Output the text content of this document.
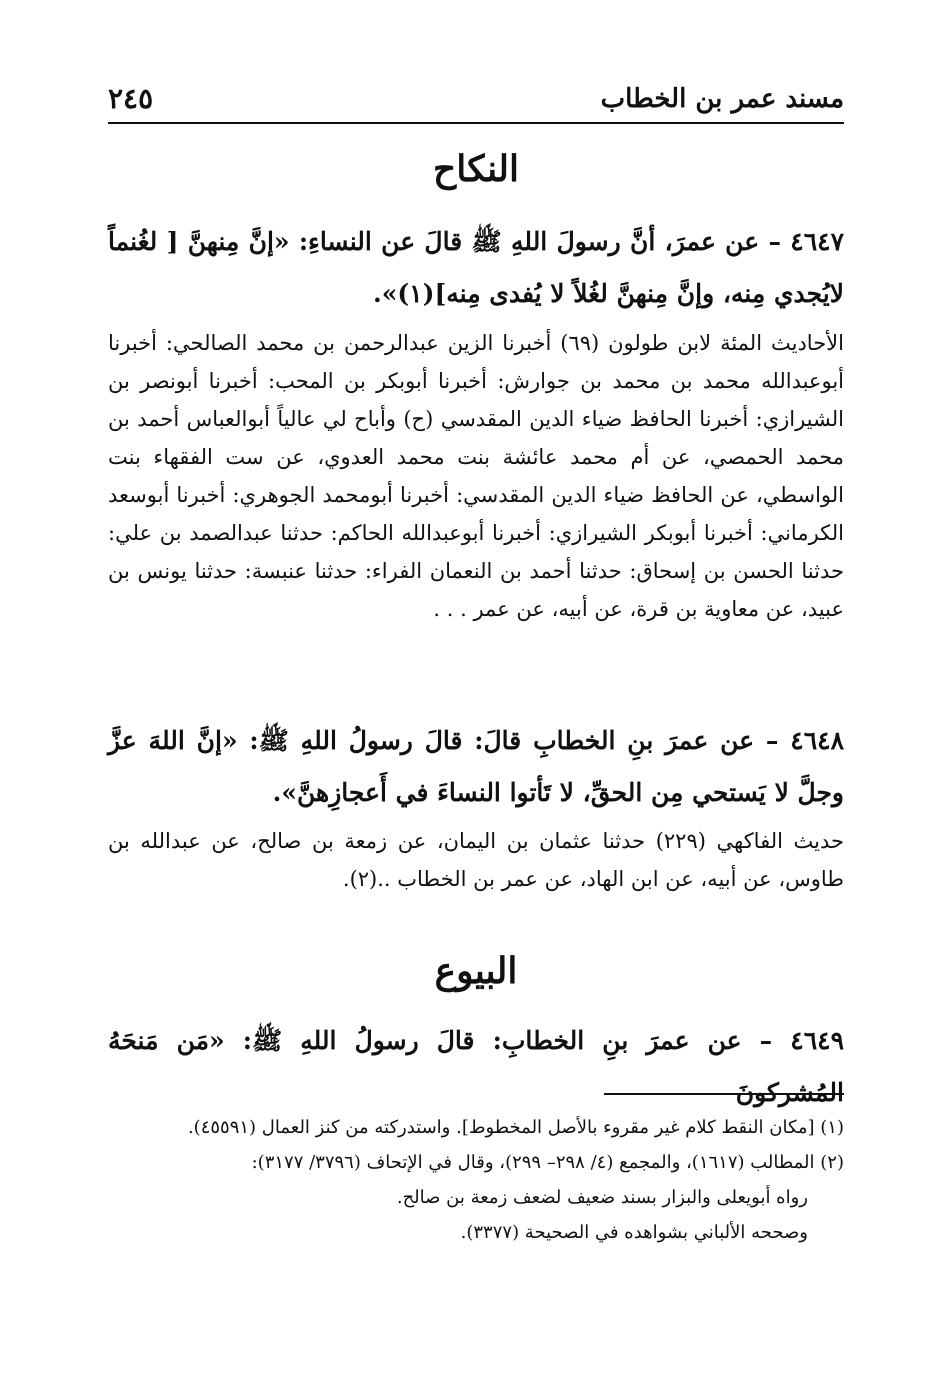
مسند عمر بن الخطاب
٢٤٥
النكاح
٤٦٤٧ – عن عمرَ، أنَّ رسولَ اللهِ ﷺ قالَ عن النساءِ: «إنَّ مِنهنَّ [ لغُنماً لايُجدي مِنه، وإنَّ مِنهنَّ لغُلاً لا يُفدى مِنه](١)».
الأحاديث المئة لابن طولون (٦٩) أخبرنا الزين عبدالرحمن بن محمد الصالحي: أخبرنا أبوعبدالله محمد بن محمد بن جوارش: أخبرنا أبوبكر بن المحب: أخبرنا أبونصر بن الشيرازي: أخبرنا الحافظ ضياء الدين المقدسي (ح) وأباح لي عالياً أبوالعباس أحمد بن محمد الحمصي، عن أم محمد عائشة بنت محمد العدوي، عن ست الفقهاء بنت الواسطي، عن الحافظ ضياء الدين المقدسي: أخبرنا أبومحمد الجوهري: أخبرنا أبوسعد الكرماني: أخبرنا أبوبكر الشيرازي: أخبرنا أبوعبدالله الحاكم: حدثنا عبدالصمد بن علي: حدثنا الحسن بن إسحاق: حدثنا أحمد بن النعمان الفراء: حدثنا عنبسة: حدثنا يونس بن عبيد، عن معاوية بن قرة، عن أبيه، عن عمر . . .
٤٦٤٨ – عن عمرَ بنِ الخطابِ قالَ: قالَ رسولُ اللهِ ﷺ: «إنَّ اللهَ عزَّ وجلَّ لا يَستحي مِن الحقِّ، لا تَأتوا النساءَ في أَعجازِهنَّ».
حديث الفاكهي (٢٢٩) حدثنا عثمان بن اليمان، عن زمعة بن صالح، عن عبدالله بن طاوس، عن أبيه، عن ابن الهاد، عن عمر بن الخطاب ..(٢).
البيوع
٤٦٤٩ – عن عمرَ بنِ الخطابِ: قالَ رسولُ اللهِ ﷺ: «مَن مَنحَهُ المُشركونَ
(١) [مكان النقط كلام غير مقروء بالأصل المخطوط]. واستدركته من كنز العمال (٤٥٥٩١).
(٢) المطالب (١٦١٧)، والمجمع (٤/ ٢٩٨– ٢٩٩)، وقال في الإتحاف (٣٧٩٦/ ٣١٧٧):
رواه أبويعلى والبزار بسند ضعيف لضعف زمعة بن صالح.
وصححه الألباني بشواهده في الصحيحة (٣٣٧٧).
